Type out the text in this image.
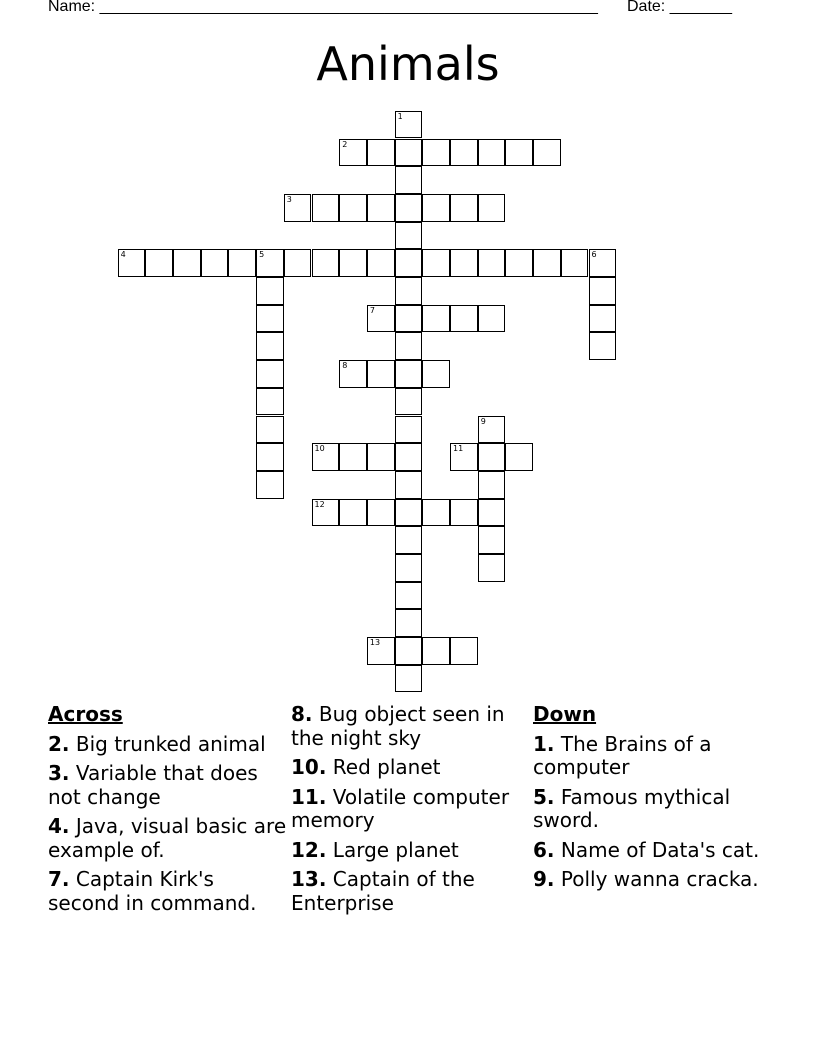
Name: ________________________________________________________ Date: _______
Animals
1
2
3
4	5	6
7
8
9
10	11
12
13
Across
2. Big trunked animal
3. Variable that does not change
4. Java, visual basic are example of.
7. Captain Kirk's second in command.
8. Bug object seen in the night sky
10. Red planet
11. Volatile computer memory
12. Large planet
13. Captain of the Enterprise
Down
1. The Brains of a computer
5. Famous mythical sword.
6. Name of Data's cat.
9. Polly wanna cracka.
